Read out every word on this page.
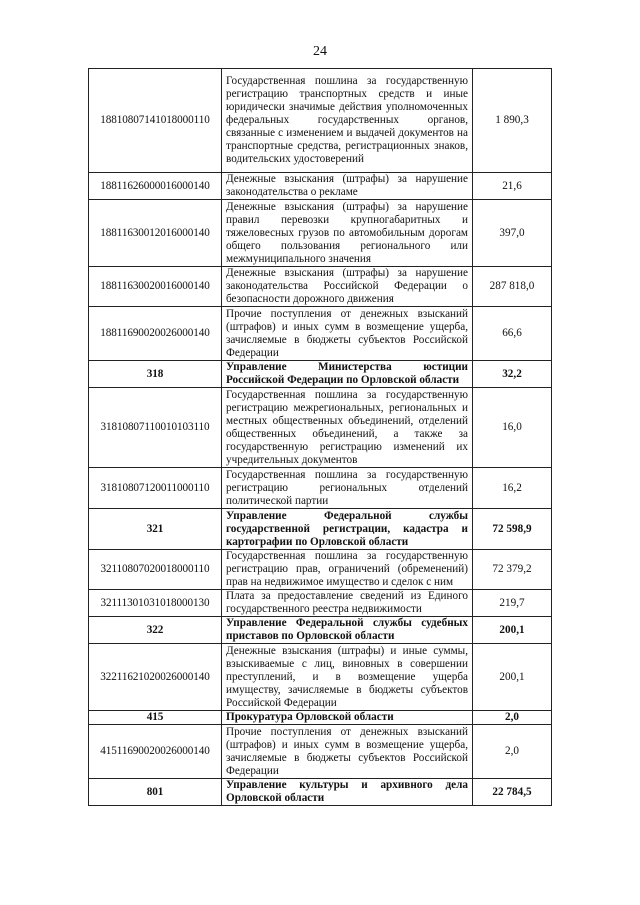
24
18810807141018000110	Государственная пошлина за государственную регистрацию транспортных средств и иные юридически значимые действия уполномоченных федеральных государственных органов, связанные с изменением и выдачей документов на транспортные средства, регистрационных знаков, водительских удостоверений	1 890,3
18811626000016000140	Денежные взыскания (штрафы) за нарушение законодательства о рекламе	21,6
18811630012016000140	Денежные взыскания (штрафы) за нарушение правил перевозки крупногабаритных и тяжеловесных грузов по автомобильным дорогам общего пользования регионального или межмуниципального значения	397,0
18811630020016000140	Денежные взыскания (штрафы) за нарушение законодательства Российской Федерации о безопасности дорожного движения	287 818,0
18811690020026000140	Прочие поступления от денежных взысканий (штрафов) и иных сумм в возмещение ущерба, зачисляемые в бюджеты субъектов Российской Федерации	66,6
318	Управление Министерства юстиции Российской Федерации по Орловской области	32,2
31810807110010103110	Государственная пошлина за государственную регистрацию межрегиональных, региональных и местных общественных объединений, отделений общественных объединений, а также за государственную регистрацию изменений их учредительных документов	16,0
31810807120011000110	Государственная пошлина за государственную регистрацию региональных отделений политической партии	16,2
321	Управление Федеральной службы государственной регистрации, кадастра и картографии по Орловской области	72 598,9
32110807020018000110	Государственная пошлина за государственную регистрацию прав, ограничений (обременений) прав на недвижимое имущество и сделок с ним	72 379,2
32111301031018000130	Плата за предоставление сведений из Единого государственного реестра недвижимости	219,7
322	Управление Федеральной службы судебных приставов по Орловской области	200,1
32211621020026000140	Денежные взыскания (штрафы) и иные суммы, взыскиваемые с лиц, виновных в совершении преступлений, и в возмещение ущерба имуществу, зачисляемые в бюджеты субъектов Российской Федерации	200,1
415	Прокуратура Орловской области	2,0
41511690020026000140	Прочие поступления от денежных взысканий (штрафов) и иных сумм в возмещение ущерба, зачисляемые в бюджеты субъектов Российской Федерации	2,0
801	Управление культуры и архивного дела Орловской области	22 784,5
